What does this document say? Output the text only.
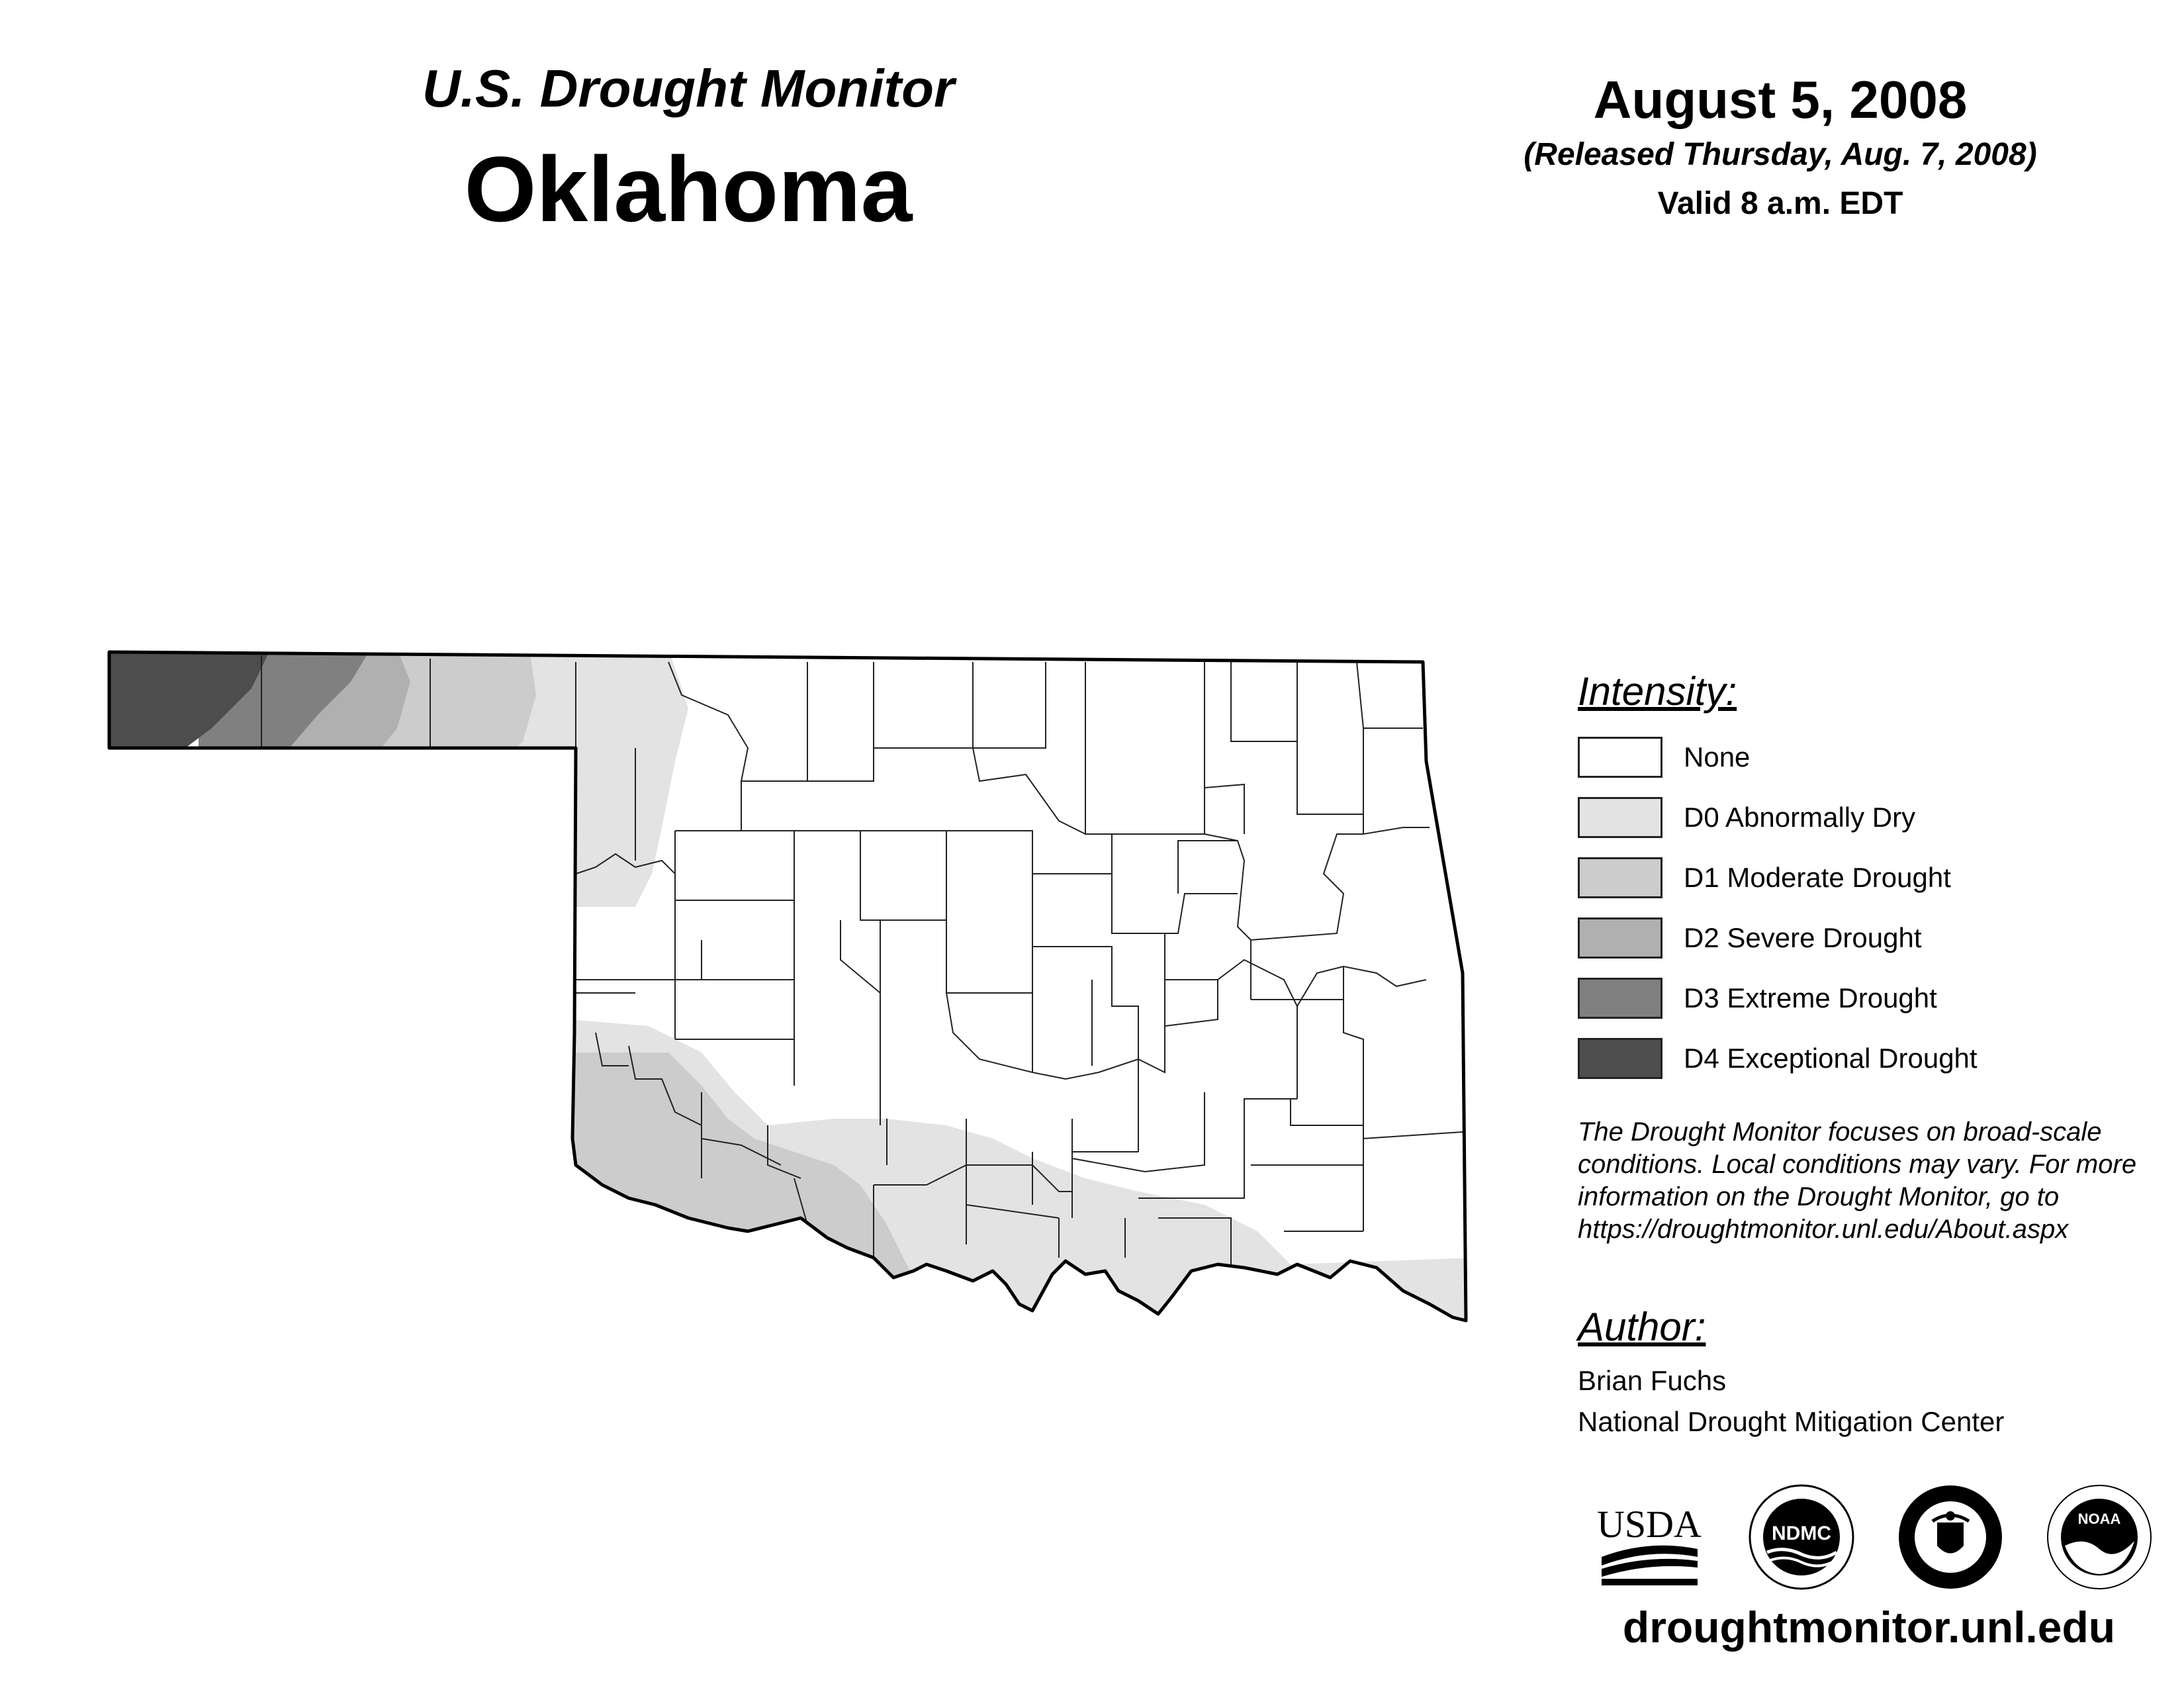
U.S. Drought Monitor
Oklahoma
August 5, 2008
(Released Thursday, Aug. 7, 2008)
Valid 8 a.m. EDT
Intensity:
None
D0 Abnormally Dry
D1 Moderate Drought
D2 Severe Drought
D3 Extreme Drought
D4 Exceptional Drought
The Drought Monitor focuses on broad-scale conditions. Local conditions may vary. For more information on the Drought Monitor, go to https://droughtmonitor.unl.edu/About.aspx
Author:
Brian Fuchs
National Drought Mitigation Center
USDA	NDMC
NOAA
droughtmonitor.unl.edu
